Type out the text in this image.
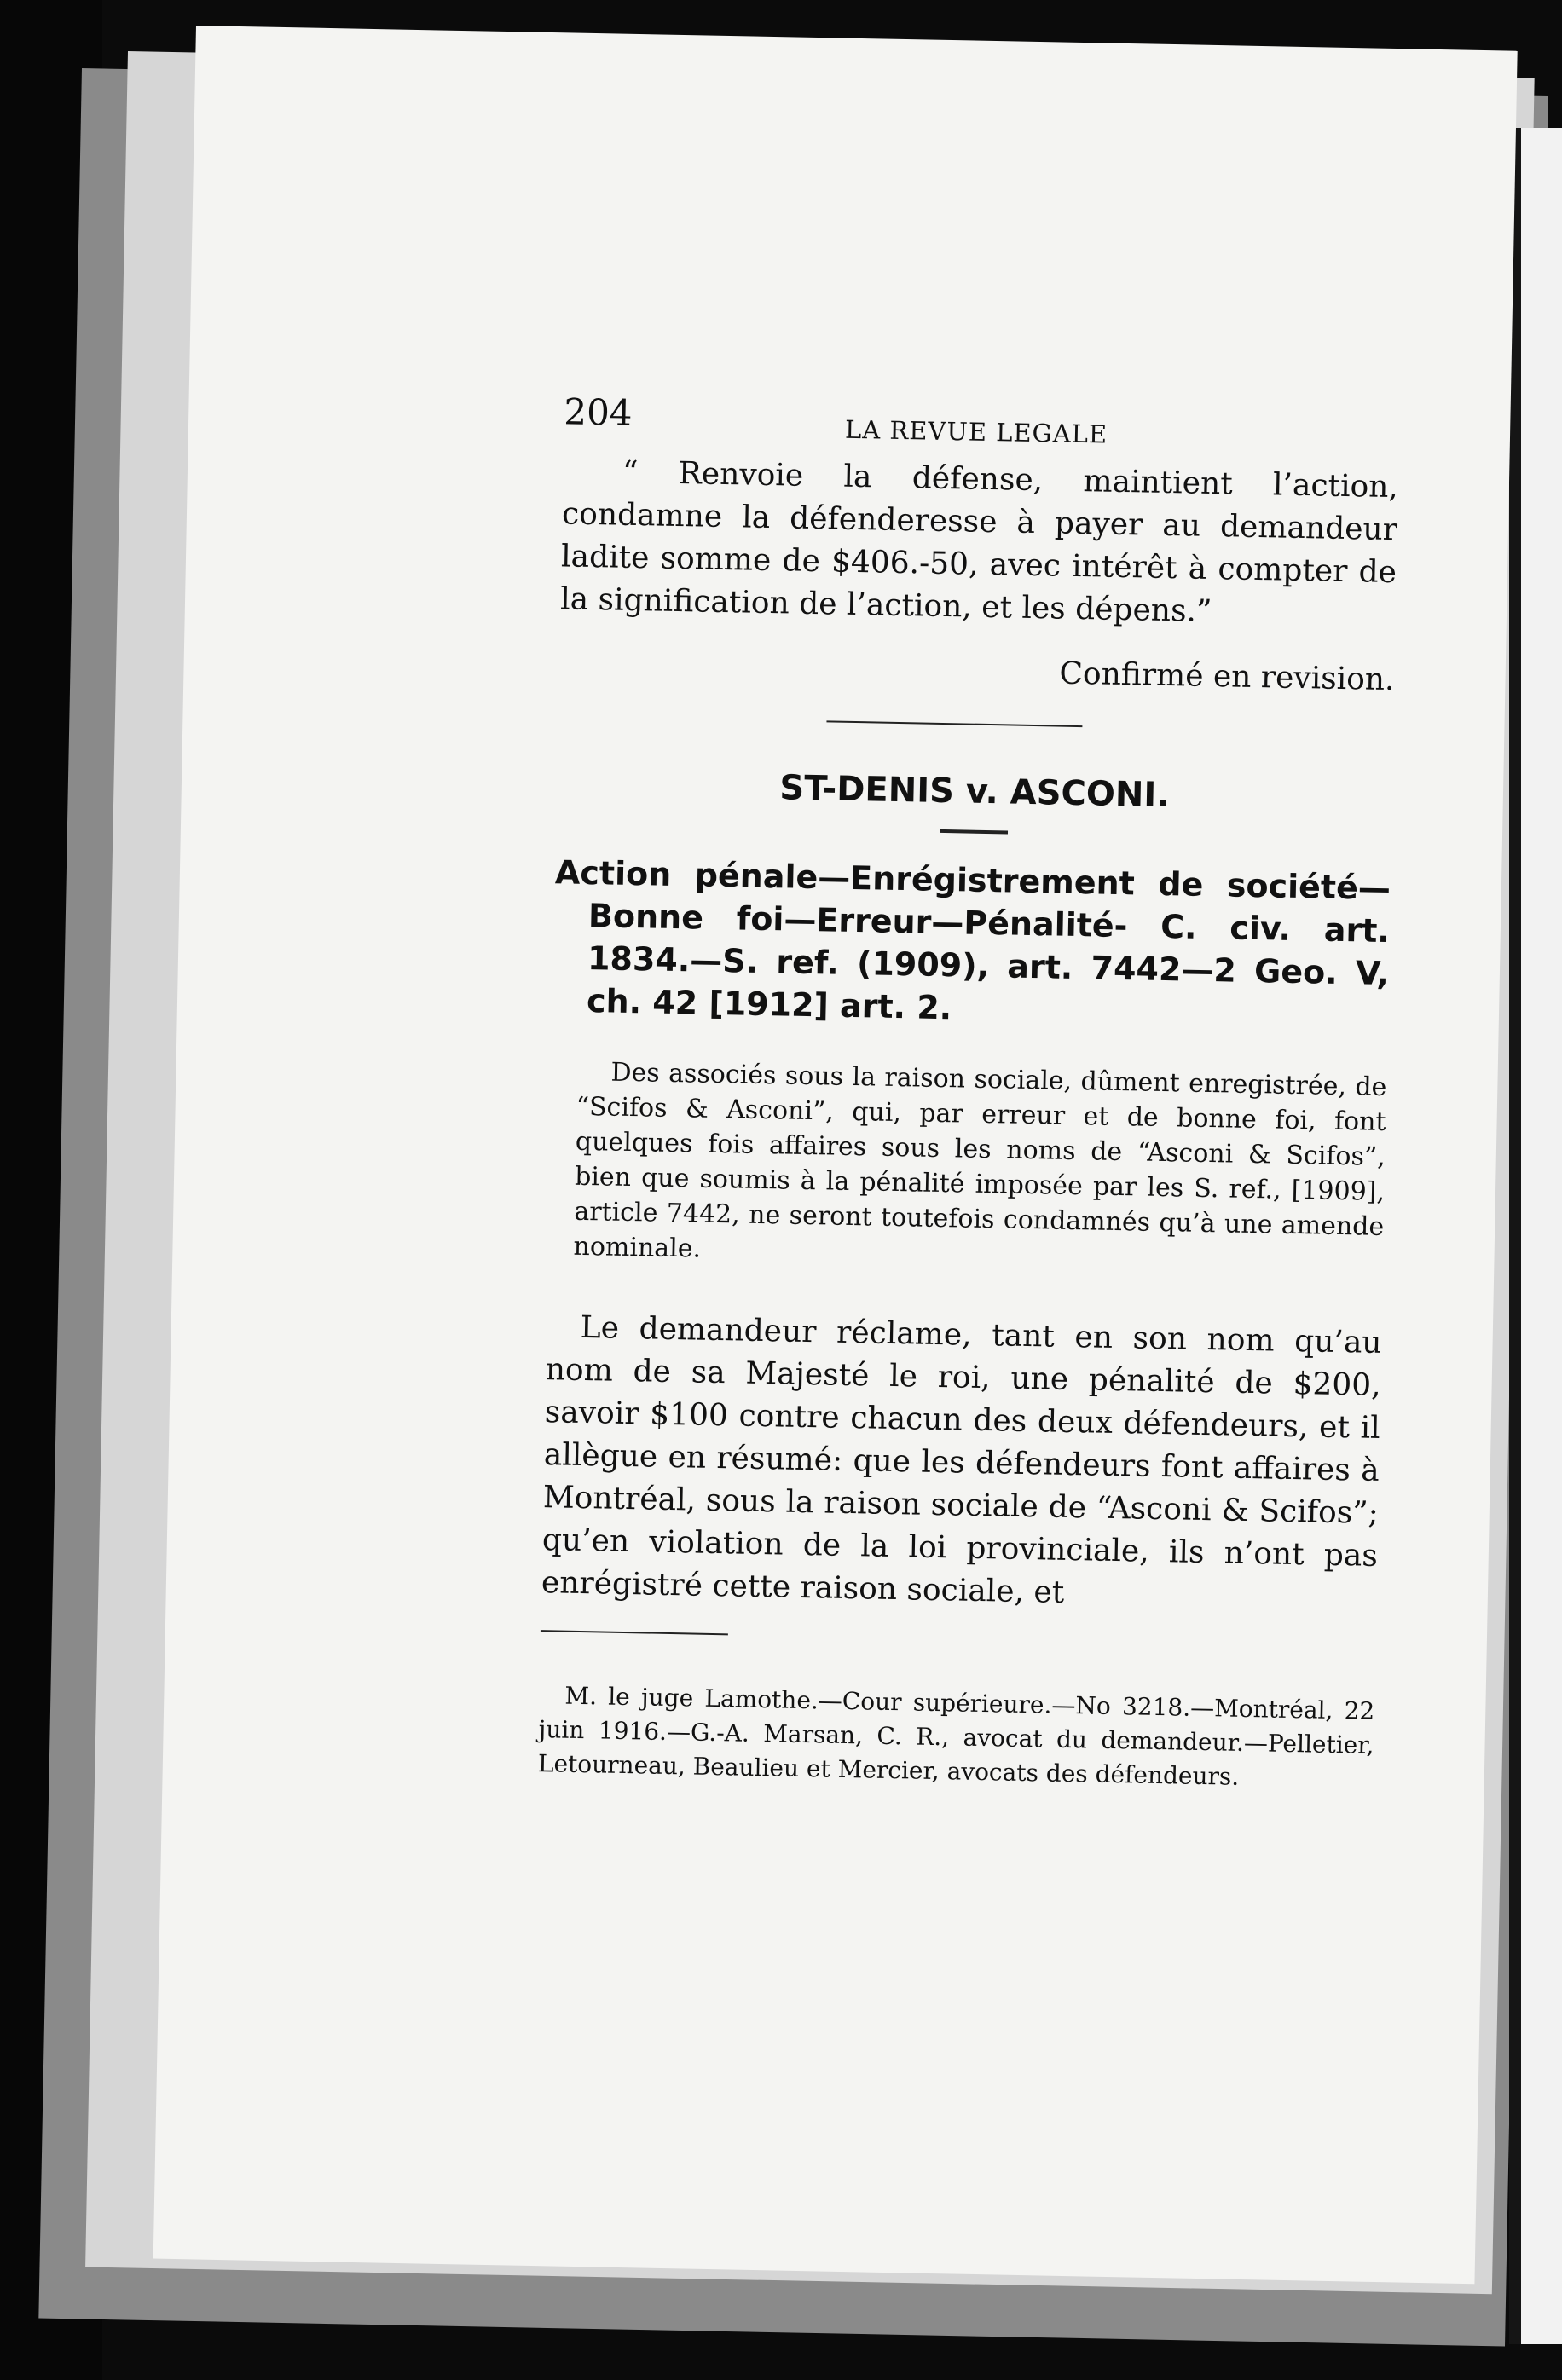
204	LA REVUE LEGALE

“ Renvoie la défense, maintient l’action, condamne la défenderesse à payer au demandeur ladite somme de $406.-50, avec intérêt à compter de la signification de l’action, et les dépens.”

Confirmé en revision.

ST-DENIS v. ASCONI.

Action pénale—Enrégistrement de société—Bonne foi—Erreur—Pénalité- C. civ. art. 1834.—S. ref. (1909), art. 7442—2 Geo. V, ch. 42 [1912] art. 2.

Des associés sous la raison sociale, dûment enregistrée, de “Scifos & Asconi”, qui, par erreur et de bonne foi, font quelques fois affaires sous les noms de “Asconi & Scifos”, bien que soumis à la pénalité imposée par les S. ref., [1909], article 7442, ne seront toutefois condamnés qu’à une amende nominale.

Le demandeur réclame, tant en son nom qu’au nom de sa Majesté le roi, une pénalité de $200, savoir $100 contre chacun des deux défendeurs, et il allègue en résumé: que les défendeurs font affaires à Montréal, sous la raison sociale de “Asconi & Scifos”; qu’en violation de la loi provinciale, ils n’ont pas enrégistré cette raison sociale, et

M. le juge Lamothe.—Cour supérieure.—No 3218.—Montréal, 22 juin 1916.—G.-A. Marsan, C. R., avocat du demandeur.—Pelletier, Letourneau, Beaulieu et Mercier, avocats des défendeurs.
